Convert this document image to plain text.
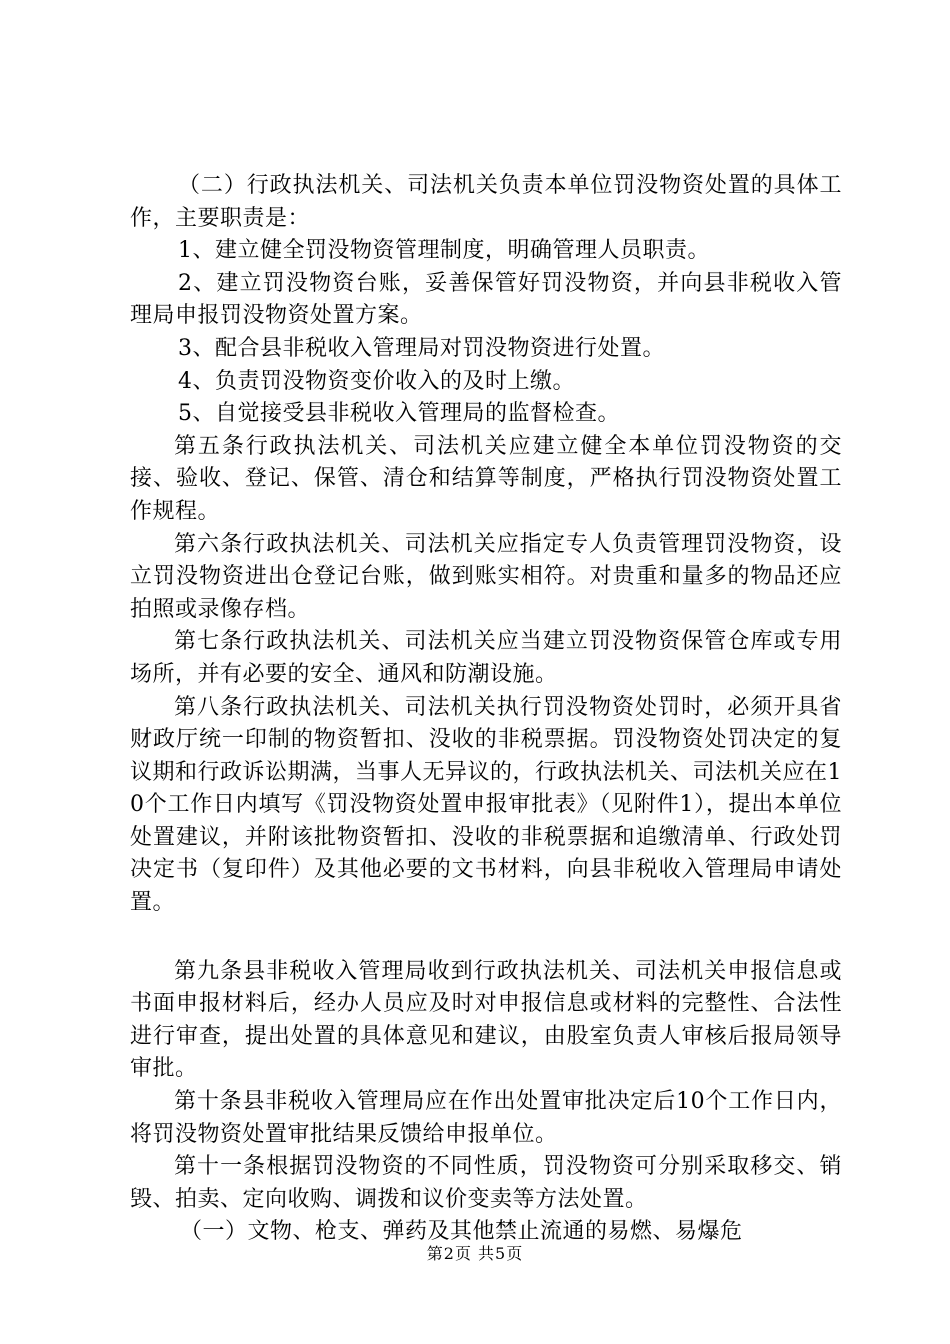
（二）行政执法机关、司法机关负责本单位罚没物资处置的具体工作，主要职责是：

1、建立健全罚没物资管理制度，明确管理人员职责。

2、建立罚没物资台账，妥善保管好罚没物资，并向县非税收入管理局申报罚没物资处置方案。

3、配合县非税收入管理局对罚没物资进行处置。

4、负责罚没物资变价收入的及时上缴。

5、自觉接受县非税收入管理局的监督检查。

第五条行政执法机关、司法机关应建立健全本单位罚没物资的交接、验收、登记、保管、清仓和结算等制度，严格执行罚没物资处置工作规程。

第六条行政执法机关、司法机关应指定专人负责管理罚没物资，设立罚没物资进出仓登记台账，做到账实相符。对贵重和量多的物品还应拍照或录像存档。

第七条行政执法机关、司法机关应当建立罚没物资保管仓库或专用场所，并有必要的安全、通风和防潮设施。

第八条行政执法机关、司法机关执行罚没物资处罚时，必须开具省财政厅统一印制的物资暂扣、没收的非税票据。罚没物资处罚决定的复议期和行政诉讼期满，当事人无异议的，行政执法机关、司法机关应在10个工作日内填写《罚没物资处置申报审批表》（见附件1），提出本单位处置建议，并附该批物资暂扣、没收的非税票据和追缴清单、行政处罚决定书（复印件）及其他必要的文书材料，向县非税收入管理局申请处置。

第九条县非税收入管理局收到行政执法机关、司法机关申报信息或书面申报材料后，经办人员应及时对申报信息或材料的完整性、合法性进行审查，提出处置的具体意见和建议，由股室负责人审核后报局领导审批。

第十条县非税收入管理局应在作出处置审批决定后10个工作日内，将罚没物资处置审批结果反馈给申报单位。

第十一条根据罚没物资的不同性质，罚没物资可分别采取移交、销毁、拍卖、定向收购、调拨和议价变卖等方法处置。

（一）文物、枪支、弹药及其他禁止流通的易燃、易爆危

第2页 共5页
